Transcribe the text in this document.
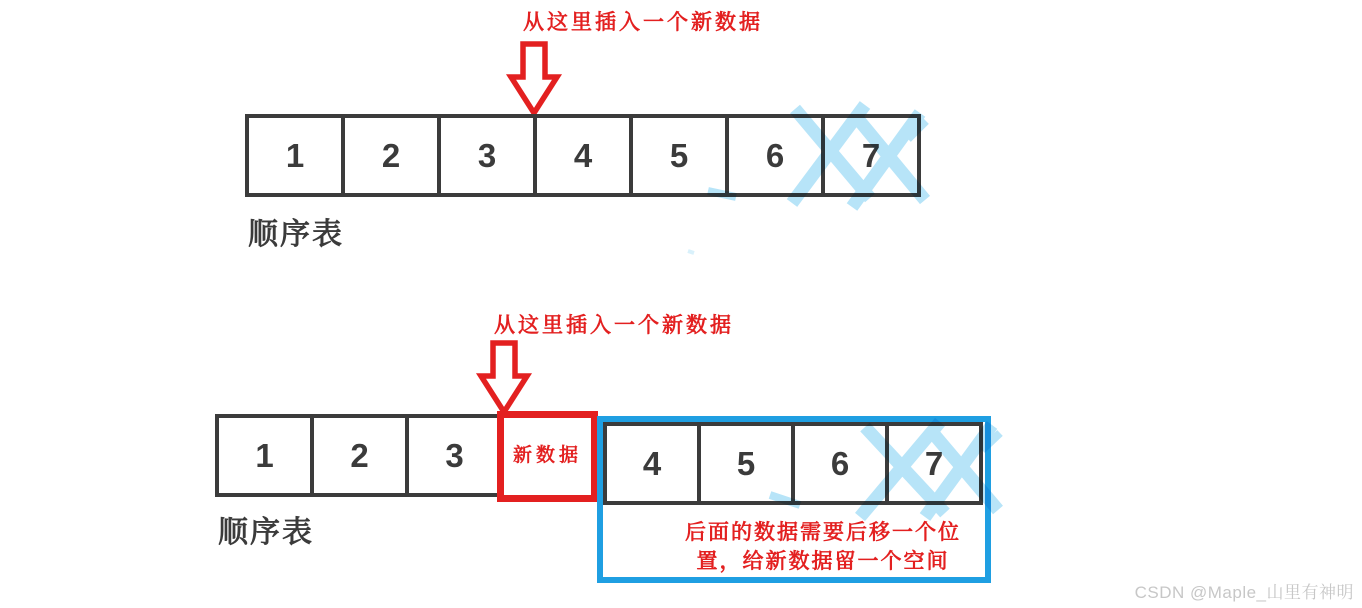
从这里插入一个新数据
1	2	3	4	5	6	7
顺序表
从这里插入一个新数据
1	2	3	新数据	4	5	6	7
后面的数据需要后移一个位
置，给新数据留一个空间
顺序表
CSDN @Maple_山里有神明
